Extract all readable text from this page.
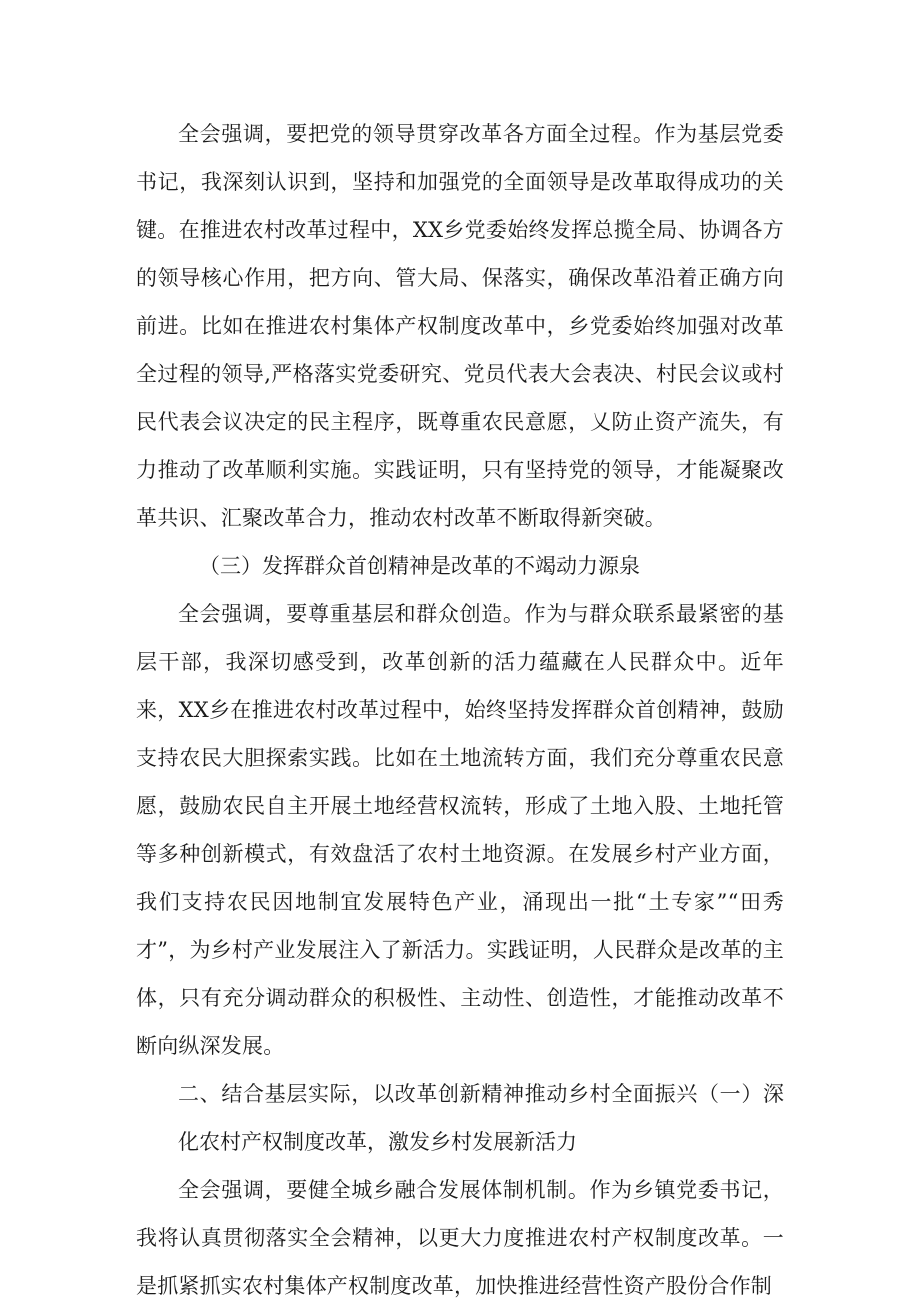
全会强调，要把党的领导贯穿改革各方面全过程。作为基层党委书记，我深刻认识到，坚持和加强党的全面领导是改革取得成功的关键。在推进农村改革过程中，XX乡党委始终发挥总揽全局、协调各方的领导核心作用，把方向、管大局、保落实，确保改革沿着正确方向前进。比如在推进农村集体产权制度改革中，乡党委始终加强对改革全过程的领导,严格落实党委研究、党员代表大会表决、村民会议或村民代表会议决定的民主程序，既尊重农民意愿，乂防止资产流失，有力推动了改革顺利实施。实践证明，只有坚持党的领导，才能凝聚改革共识、汇聚改革合力，推动农村改革不断取得新突破。

（三）发挥群众首创精神是改革的不竭动力源泉

全会强调，要尊重基层和群众创造。作为与群众联系最紧密的基层干部，我深切感受到，改革创新的活力蕴藏在人民群众中。近年来，XX乡在推进农村改革过程中，始终坚持发挥群众首创精神，鼓励支持农民大胆探索实践。比如在土地流转方面，我们充分尊重农民意愿，鼓励农民自主开展土地经营权流转，形成了土地入股、土地托管等多种创新模式，有效盘活了农村土地资源。在发展乡村产业方面，我们支持农民因地制宜发展特色产业，涌现出一批“土专家”“田秀才”，为乡村产业发展注入了新活力。实践证明，人民群众是改革的主体，只有充分调动群众的积极性、主动性、创造性，才能推动改革不断向纵深发展。

二、结合基层实际，以改革创新精神推动乡村全面振兴（一）深化农村产权制度改革，激发乡村发展新活力

全会强调，要健全城乡融合发展体制机制。作为乡镇党委书记，我将认真贯彻落实全会精神，以更大力度推进农村产权制度改革。一是抓紧抓实农村集体产权制度改革，加快推进经营性资产股份合作制
